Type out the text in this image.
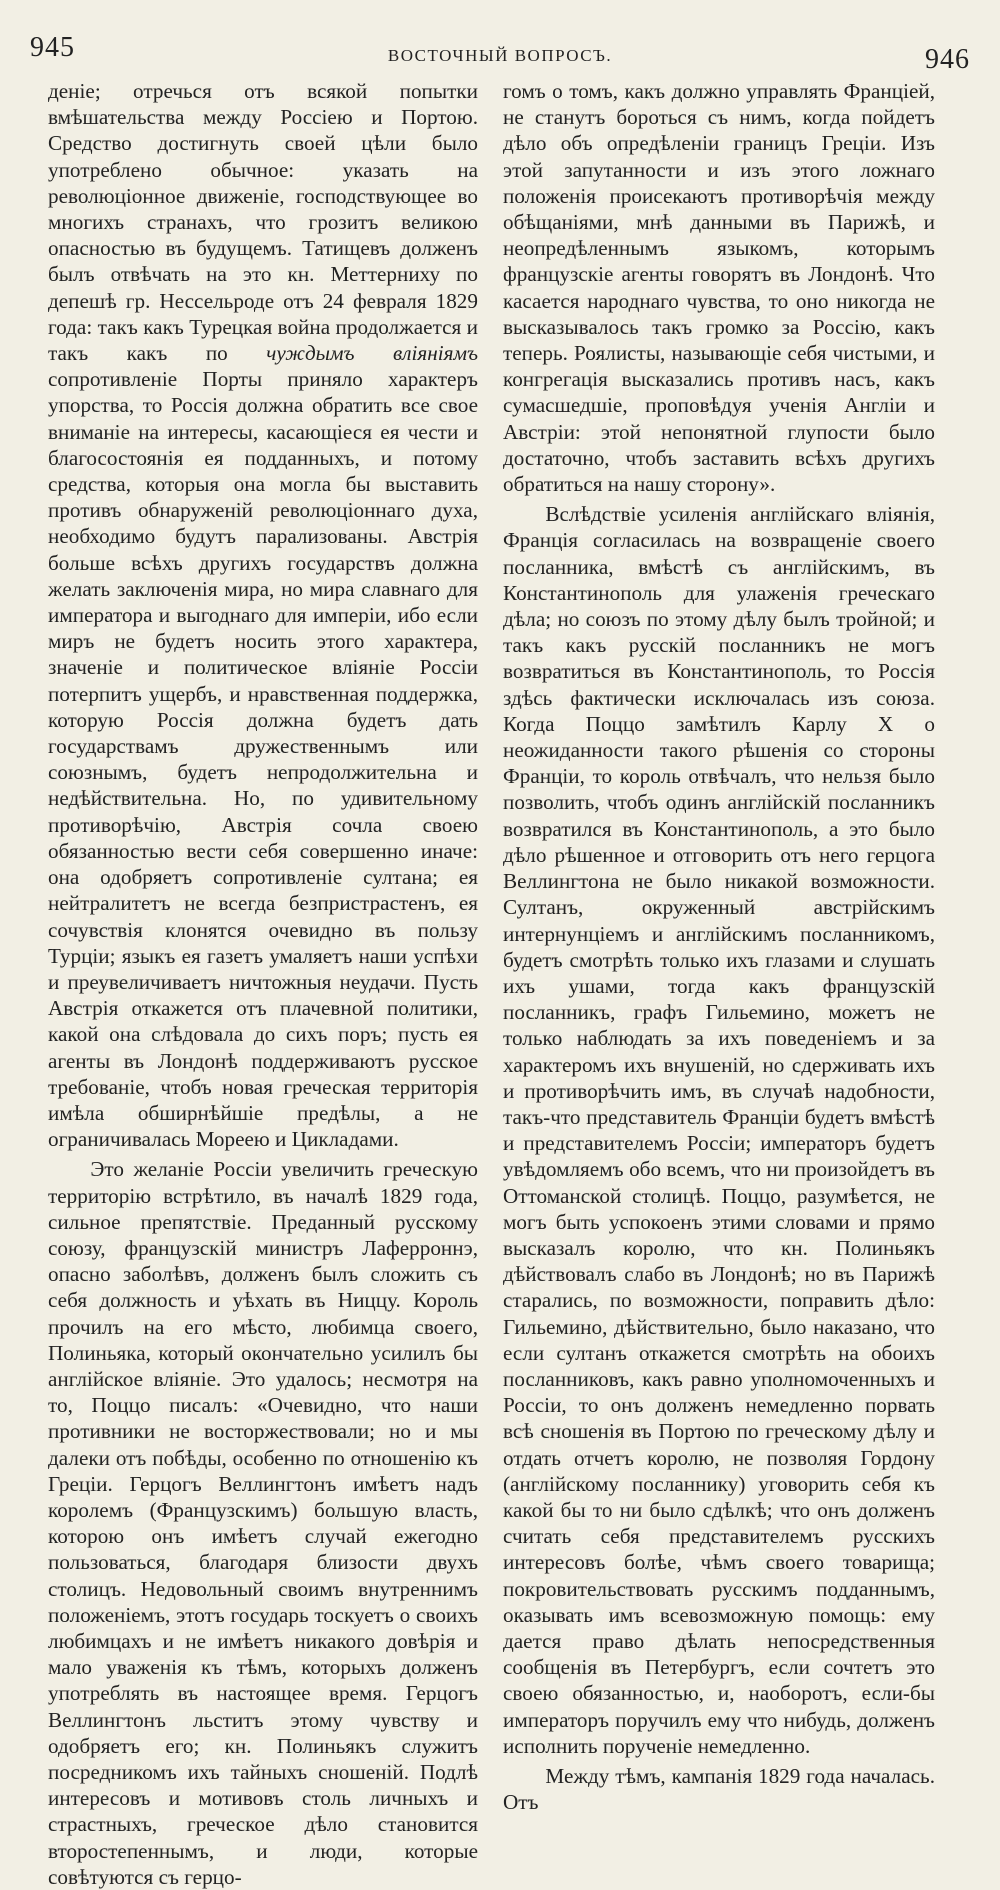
945	ВОСТОЧНЫЙ ВОПРОСЪ.	946

деніе; отречься отъ всякой попытки вмѣшательства между Россіею и Портою. Средство достигнуть своей цѣли было употреблено обычное: указать на революціонное движеніе, господствующее во многихъ странахъ, что грозитъ великою опасностью въ будущемъ. Татищевъ долженъ былъ отвѣчать на это кн. Меттерниху по депешѣ гр. Нессельроде отъ 24 февраля 1829 года: такъ какъ Турецкая война продолжается и такъ какъ по чуждымъ вліяніямъ сопротивленіе Порты приняло характеръ упорства, то Россія должна обратить все свое вниманіе на интересы, касающіеся ея чести и благосостоянія ея подданныхъ, и потому средства, которыя она могла бы выставить противъ обнаруженій революціоннаго духа, необходимо будутъ парализованы. Австрія больше всѣхъ другихъ государствъ должна желать заключенія мира, но мира славнаго для императора и выгоднаго для имперіи, ибо если миръ не будетъ носить этого характера, значеніе и политическое вліяніе Россіи потерпитъ ущербъ, и нравственная поддержка, которую Россія должна будетъ дать государствамъ дружественнымъ или союзнымъ, будетъ непродолжительна и недѣйствительна. Но, по удивительному противорѣчію, Австрія сочла своею обязанностью вести себя совершенно иначе: она одобряетъ сопротивленіе султана; ея нейтралитетъ не всегда безпристрастенъ, ея сочувствія клонятся очевидно въ пользу Турціи; языкъ ея газетъ умаляетъ наши успѣхи и преувеличиваетъ ничтожныя неудачи. Пусть Австрія откажется отъ плачевной политики, какой она слѣдовала до сихъ поръ; пусть ея агенты въ Лондонѣ поддерживаютъ русское требованіе, чтобъ новая греческая территорія имѣла обширнѣйшіе предѣлы, а не ограничивалась Мореею и Цикладами.

Это желаніе Россіи увеличить греческую территорію встрѣтило, въ началѣ 1829 года, сильное препятствіе. Преданный русскому союзу, французскій министръ Лаферроннэ, опасно заболѣвъ, долженъ былъ сложить съ себя должность и уѣхать въ Ниццу. Король прочилъ на его мѣсто, любимца своего, Полиньяка, который окончательно усилилъ бы англійское вліяніе. Это удалось; несмотря на то, Поццо писалъ: «Очевидно, что наши противники не восторжествовали; но и мы далеки отъ побѣды, особенно по отношенію къ Греціи. Герцогъ Веллингтонъ имѣетъ надъ королемъ (Французскимъ) большую власть, которою онъ имѣетъ случай ежегодно пользоваться, благодаря близости двухъ столицъ. Недовольный своимъ внутреннимъ положеніемъ, этотъ государь тоскуетъ о своихъ любимцахъ и не имѣетъ никакого довѣрія и мало уваженія къ тѣмъ, которыхъ долженъ употреблять въ настоящее время. Герцогъ Веллингтонъ льститъ этому чувству и одобряетъ его; кн. Полиньякъ служитъ посредникомъ ихъ тайныхъ сношеній. Подлѣ интересовъ и мотивовъ столь личныхъ и страстныхъ, греческое дѣло становится второстепеннымъ, и люди, которые совѣтуются съ герцо-

гомъ о томъ, какъ должно управлять Франціей, не станутъ бороться съ нимъ, когда пойдетъ дѣло объ опредѣленіи границъ Греціи. Изъ этой запутанности и изъ этого ложнаго положенія происекаютъ противорѣчія между обѣщаніями, мнѣ данными въ Парижѣ, и неопредѣленнымъ языкомъ, которымъ французскіе агенты говорятъ въ Лондонѣ. Что касается народнаго чувства, то оно никогда не высказывалось такъ громко за Россію, какъ теперь. Роялисты, называющіе себя чистыми, и конгрегація высказались противъ насъ, какъ сумасшедшіе, проповѣдуя ученія Англіи и Австріи: этой непонятной глупости было достаточно, чтобъ заставить всѣхъ другихъ обратиться на нашу сторону».

Вслѣдствіе усиленія англійскаго вліянія, Франція согласилась на возвращеніе своего посланника, вмѣстѣ съ англійскимъ, въ Константинополь для улаженія греческаго дѣла; но союзъ по этому дѣлу былъ тройной; и такъ какъ русскій посланникъ не могъ возвратиться въ Константинополь, то Россія здѣсь фактически исключалась изъ союза. Когда Поццо замѣтилъ Карлу X о неожиданности такого рѣшенія со стороны Франціи, то король отвѣчалъ, что нельзя было позволить, чтобъ одинъ англійскій посланникъ возвратился въ Константинополь, а это было дѣло рѣшенное и отговорить отъ него герцога Веллингтона не было никакой возможности. Султанъ, окруженный австрійскимъ интернунціемъ и англійскимъ посланникомъ, будетъ смотрѣть только ихъ глазами и слушать ихъ ушами, тогда какъ французскій посланникъ, графъ Гильемино, можетъ не только наблюдать за ихъ поведеніемъ и за характеромъ ихъ внушеній, но сдерживать ихъ и противорѣчить имъ, въ случаѣ надобности, такъ-что представитель Франціи будетъ вмѣстѣ и представителемъ Россіи; императоръ будетъ увѣдомляемъ обо всемъ, что ни произойдетъ въ Оттоманской столицѣ. Поццо, разумѣется, не могъ быть успокоенъ этими словами и прямо высказалъ королю, что кн. Полиньякъ дѣйствовалъ слабо въ Лондонѣ; но въ Парижѣ старались, по возможности, поправить дѣло: Гильемино, дѣйствительно, было наказано, что если султанъ откажется смотрѣть на обоихъ посланниковъ, какъ равно уполномоченныхъ и Россіи, то онъ долженъ немедленно порвать всѣ сношенія въ Портою по греческому дѣлу и отдать отчетъ королю, не позволяя Гордону (англійскому посланнику) уговорить себя къ какой бы то ни было сдѣлкѣ; что онъ долженъ считать себя представителемъ русскихъ интересовъ болѣе, чѣмъ своего товарища; покровительствовать русскимъ подданнымъ, оказывать имъ всевозможную помощь: ему дается право дѣлать непосредственныя сообщенія въ Петербургъ, если сочтетъ это своею обязанностью, и, наоборотъ, если-бы императоръ поручилъ ему что нибудь, долженъ исполнить порученіе немедленно.

Между тѣмъ, кампанія 1829 года началась. Отъ
